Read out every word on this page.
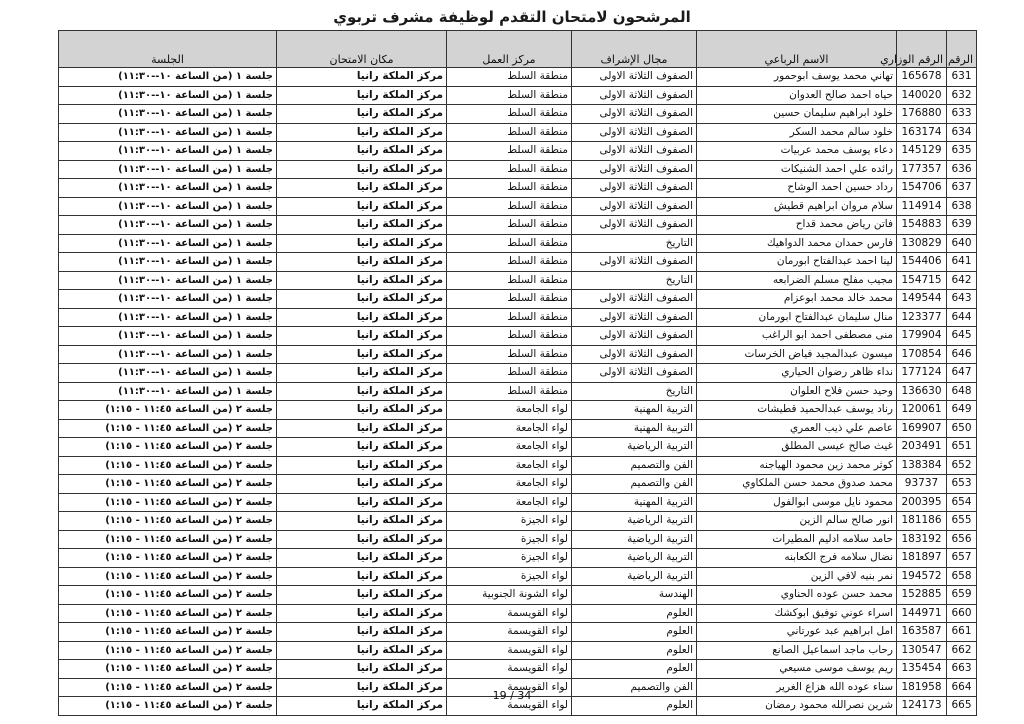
المرشحون لامتحان التقدم لوظيفة مشرف تربوي
الرقم	الرقم الوزاري	الاسم الرباعي	مجال الإشراف	مركز العمل	مكان الامتحان	الجلسة
631	165678	تهاني محمد يوسف ابوحمور	الصفوف الثلاثة الاولى	منطقة السلط	مركز الملكة رانيا	جلسة ١ (من الساعة ١٠--١١:٣٠)
632	140020	حياه احمد صالح العدوان	الصفوف الثلاثة الاولى	منطقة السلط	مركز الملكة رانيا	جلسة ١ (من الساعة ١٠--١١:٣٠)
633	176880	خلود ابراهيم سليمان حسين	الصفوف الثلاثة الاولى	منطقة السلط	مركز الملكة رانيا	جلسة ١ (من الساعة ١٠--١١:٣٠)
634	163174	خلود سالم محمد السكر	الصفوف الثلاثة الاولى	منطقة السلط	مركز الملكة رانيا	جلسة ١ (من الساعة ١٠--١١:٣٠)
635	145129	دعاء يوسف محمد عربيات	الصفوف الثلاثة الاولى	منطقة السلط	مركز الملكة رانيا	جلسة ١ (من الساعة ١٠--١١:٣٠)
636	177357	رائده علي احمد الشنيكات	الصفوف الثلاثة الاولى	منطقة السلط	مركز الملكة رانيا	جلسة ١ (من الساعة ١٠--١١:٣٠)
637	154706	رداد حسين احمد الوشاح	الصفوف الثلاثة الاولى	منطقة السلط	مركز الملكة رانيا	جلسة ١ (من الساعة ١٠--١١:٣٠)
638	114914	سلام مروان ابراهيم قطيش	الصفوف الثلاثة الاولى	منطقة السلط	مركز الملكة رانيا	جلسة ١ (من الساعة ١٠--١١:٣٠)
639	154883	فاتن رياض محمد قداح	الصفوف الثلاثة الاولى	منطقة السلط	مركز الملكة رانيا	جلسة ١ (من الساعة ١٠--١١:٣٠)
640	130829	فارس حمدان محمد الدواهيك	التاريخ	منطقة السلط	مركز الملكة رانيا	جلسة ١ (من الساعة ١٠--١١:٣٠)
641	154406	لينا احمد عبدالفتاح ابورمان	الصفوف الثلاثة الاولى	منطقة السلط	مركز الملكة رانيا	جلسة ١ (من الساعة ١٠--١١:٣٠)
642	154715	مجيب مفلح مسلم الضرابعه	التاريخ	منطقة السلط	مركز الملكة رانيا	جلسة ١ (من الساعة ١٠--١١:٣٠)
643	149544	محمد خالد محمد ابوعزام	الصفوف الثلاثة الاولى	منطقة السلط	مركز الملكة رانيا	جلسة ١ (من الساعة ١٠--١١:٣٠)
644	123377	منال سليمان عبدالفتاح ابورمان	الصفوف الثلاثة الاولى	منطقة السلط	مركز الملكة رانيا	جلسة ١ (من الساعة ١٠--١١:٣٠)
645	179904	منى مصطفى احمد ابو الراغب	الصفوف الثلاثة الاولى	منطقة السلط	مركز الملكة رانيا	جلسة ١ (من الساعة ١٠--١١:٣٠)
646	170854	ميسون عبدالمجيد فياض الخرسات	الصفوف الثلاثة الاولى	منطقة السلط	مركز الملكة رانيا	جلسة ١ (من الساعة ١٠--١١:٣٠)
647	177124	نداء ظاهر رضوان الحياري	الصفوف الثلاثة الاولى	منطقة السلط	مركز الملكة رانيا	جلسة ١ (من الساعة ١٠--١١:٣٠)
648	136630	وحيد حسن فلاح العلوان	التاريخ	منطقة السلط	مركز الملكة رانيا	جلسة ١ (من الساعة ١٠--١١:٣٠)
649	120061	رناد يوسف عبدالحميد قطيشات	التربية المهنية	لواء الجامعة	مركز الملكة رانيا	جلسة ٢ (من الساعة ١١:٤٥ - ١:١٥)
650	169907	عاصم علي ذيب العمري	التربية المهنية	لواء الجامعة	مركز الملكة رانيا	جلسة ٢ (من الساعة ١١:٤٥ - ١:١٥)
651	203491	غيث صالح عيسى المطلق	التربية الرياضية	لواء الجامعة	مركز الملكة رانيا	جلسة ٢ (من الساعة ١١:٤٥ - ١:١٥)
652	138384	كوثر محمد زين محمود الهياجنه	الفن والتصميم	لواء الجامعة	مركز الملكة رانيا	جلسة ٢ (من الساعة ١١:٤٥ - ١:١٥)
653	93737	محمد صدوق محمد حسن الملكاوي	الفن والتصميم	لواء الجامعة	مركز الملكة رانيا	جلسة ٢ (من الساعة ١١:٤٥ - ١:١٥)
654	200395	محمود نايل موسى ابوالفول	التربية المهنية	لواء الجامعة	مركز الملكة رانيا	جلسة ٢ (من الساعة ١١:٤٥ - ١:١٥)
655	181186	انور صالح سالم الزين	التربية الرياضية	لواء الجيزة	مركز الملكة رانيا	جلسة ٢ (من الساعة ١١:٤٥ - ١:١٥)
656	183192	حامد سلامه ادليم المطيرات	التربية الرياضية	لواء الجيزة	مركز الملكة رانيا	جلسة ٢ (من الساعة ١١:٤٥ - ١:١٥)
657	181897	نضال سلامه فرج الكعابنه	التربية الرياضية	لواء الجيزة	مركز الملكة رانيا	جلسة ٢ (من الساعة ١١:٤٥ - ١:١٥)
658	194572	نمر بنيه لافي الزين	التربية الرياضية	لواء الجيزة	مركز الملكة رانيا	جلسة ٢ (من الساعة ١١:٤٥ - ١:١٥)
659	152885	محمد حسن عوده الحناوي	الهندسة	لواء الشونة الجنوبية	مركز الملكة رانيا	جلسة ٢ (من الساعة ١١:٤٥ - ١:١٥)
660	144971	اسراء عوني توفيق ابوكشك	العلوم	لواء القويسمة	مركز الملكة رانيا	جلسة ٢ (من الساعة ١١:٤٥ - ١:١٥)
661	163587	امل ابراهيم عبد عورتاني	العلوم	لواء القويسمة	مركز الملكة رانيا	جلسة ٢ (من الساعة ١١:٤٥ - ١:١٥)
662	130547	رحاب ماجد اسماعيل الصانع	العلوم	لواء القويسمة	مركز الملكة رانيا	جلسة ٢ (من الساعة ١١:٤٥ - ١:١٥)
663	135454	ريم يوسف موسى مسيعي	العلوم	لواء القويسمة	مركز الملكة رانيا	جلسة ٢ (من الساعة ١١:٤٥ - ١:١٥)
664	181958	سناء عوده الله هزاع الغرير	الفن والتصميم	لواء القويسمة	مركز الملكة رانيا	جلسة ٢ (من الساعة ١١:٤٥ - ١:١٥)
665	124173	شرين نصرالله محمود رمضان	العلوم	لواء القويسمة	مركز الملكة رانيا	جلسة ٢ (من الساعة ١١:٤٥ - ١:١٥)
19 / 34
